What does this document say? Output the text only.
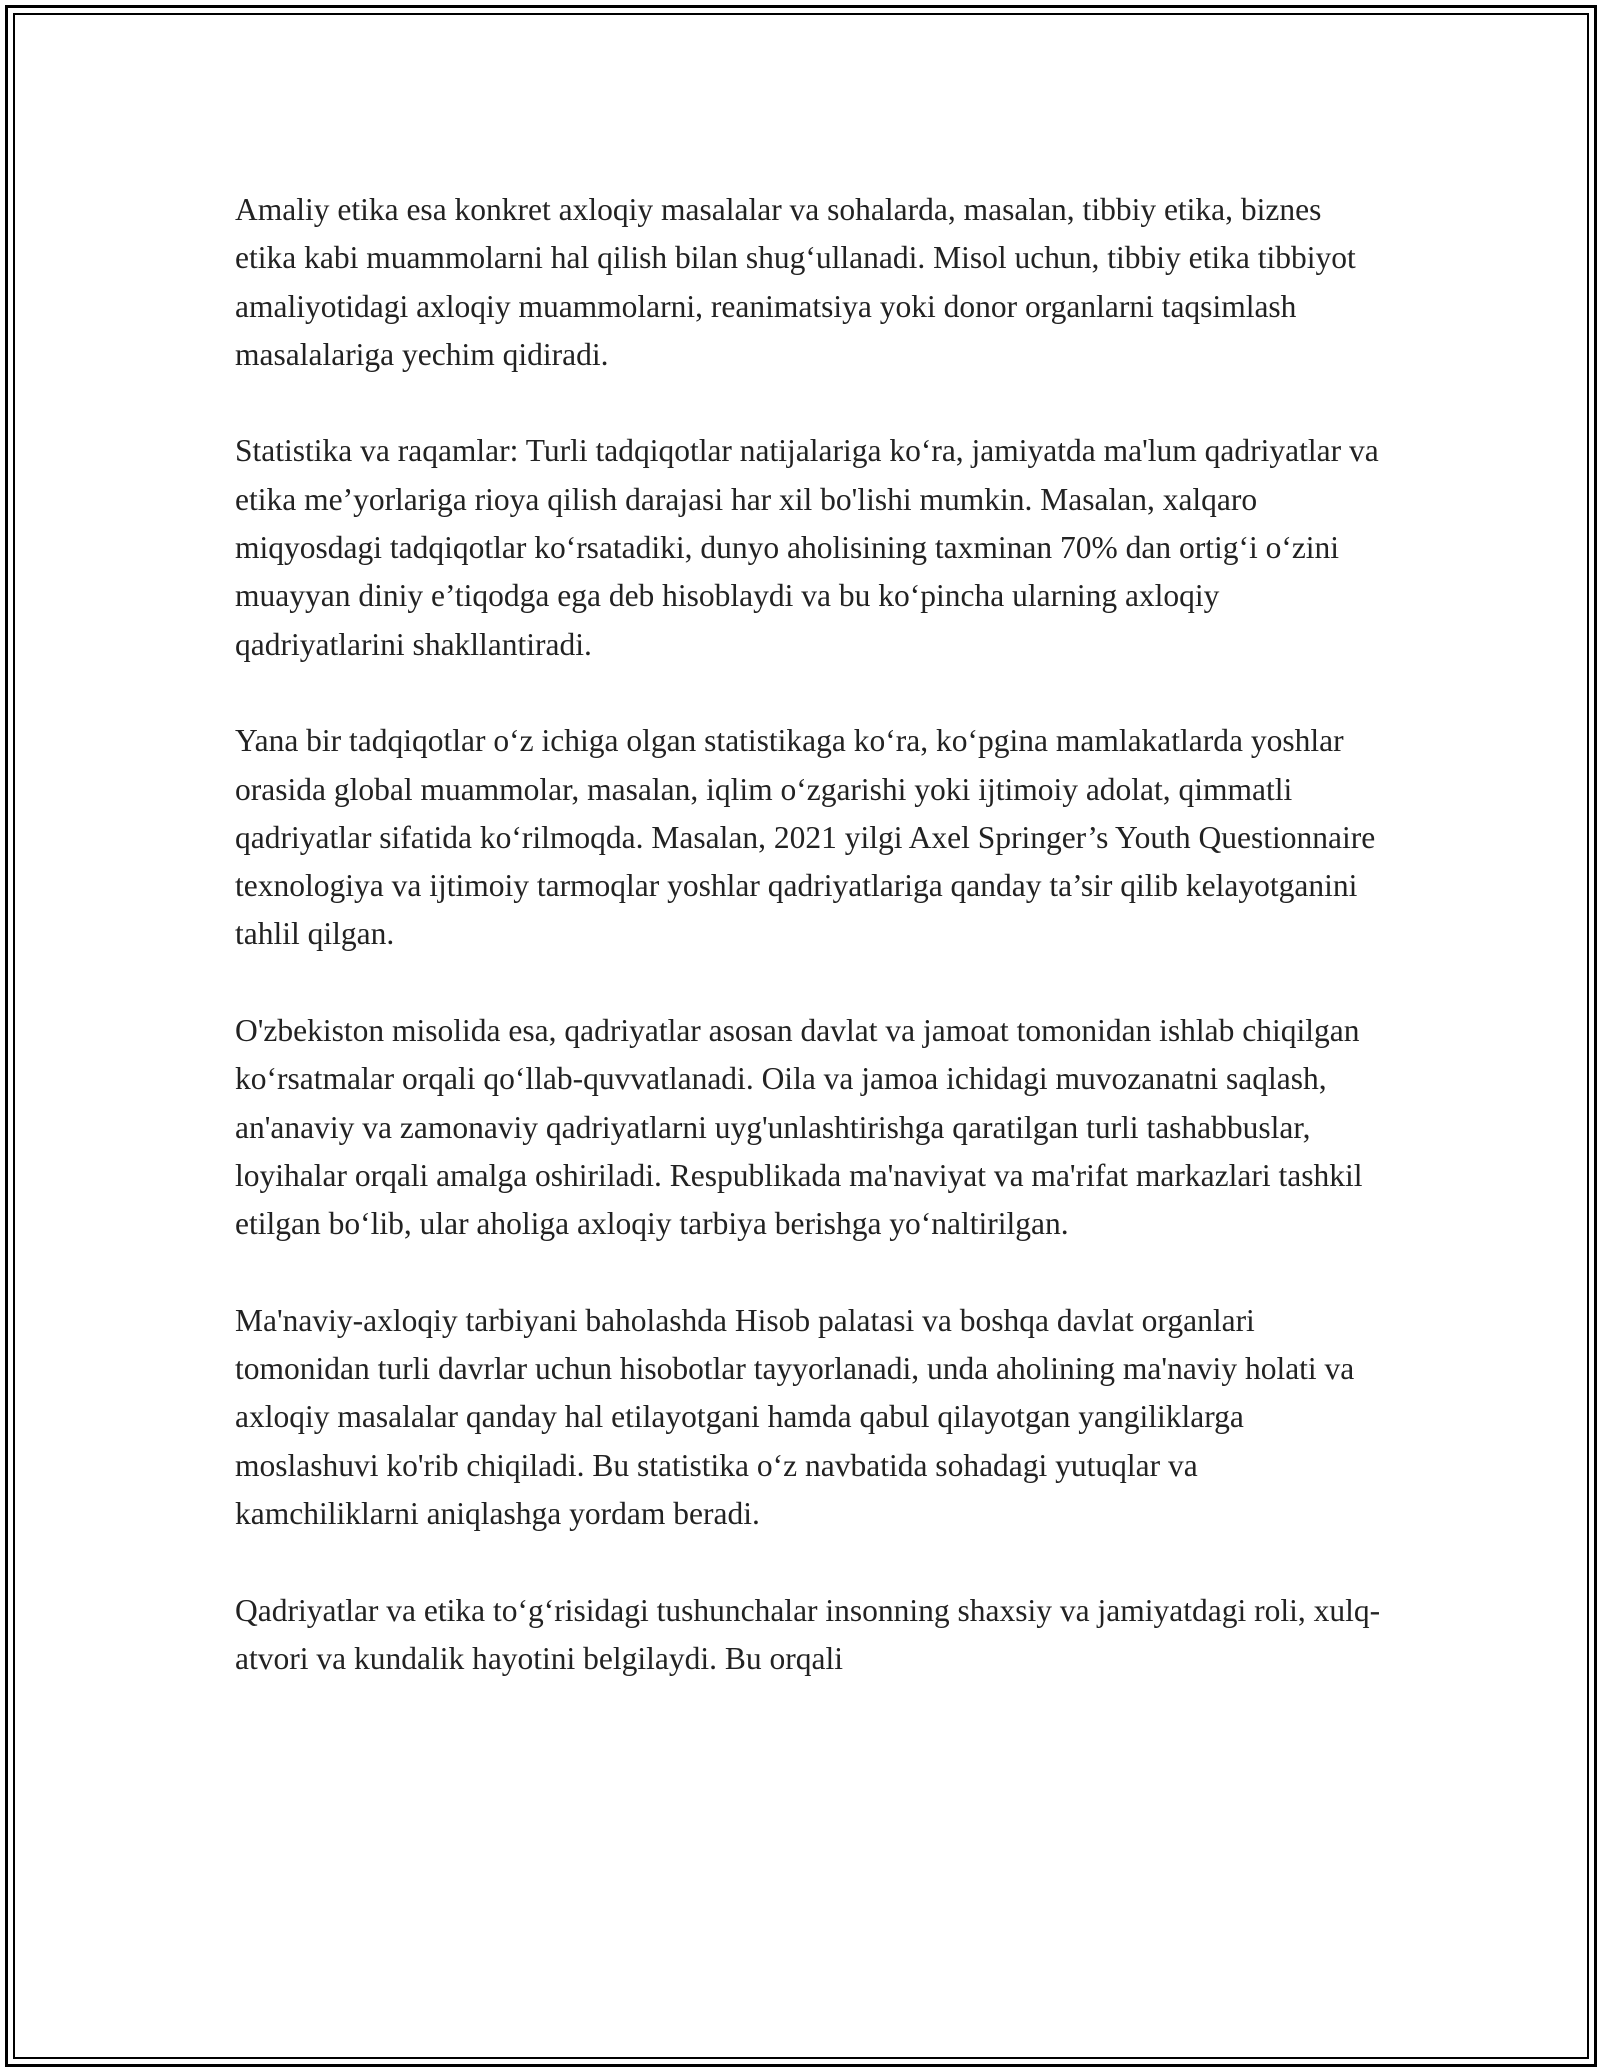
Amaliy etika esa konkret axloqiy masalalar va sohalarda, masalan, tibbiy etika, biznes etika kabi muammolarni hal qilish bilan shug‘ullanadi. Misol uchun, tibbiy etika tibbiyot amaliyotidagi axloqiy muammolarni, reanimatsiya yoki donor organlarni taqsimlash masalalariga yechim qidiradi.

Statistika va raqamlar: Turli tadqiqotlar natijalariga ko‘ra, jamiyatda ma'lum qadriyatlar va etika me’yorlariga rioya qilish darajasi har xil bo'lishi mumkin. Masalan, xalqaro miqyosdagi tadqiqotlar ko‘rsatadiki, dunyo aholisining taxminan 70% dan ortig‘i o‘zini muayyan diniy e’tiqodga ega deb hisoblaydi va bu ko‘pincha ularning axloqiy qadriyatlarini shakllantiradi.

Yana bir tadqiqotlar o‘z ichiga olgan statistikaga ko‘ra, ko‘pgina mamlakatlarda yoshlar orasida global muammolar, masalan, iqlim o‘zgarishi yoki ijtimoiy adolat, qimmatli qadriyatlar sifatida ko‘rilmoqda. Masalan, 2021 yilgi Axel Springer’s Youth Questionnaire texnologiya va ijtimoiy tarmoqlar yoshlar qadriyatlariga qanday ta’sir qilib kelayotganini tahlil qilgan.

O'zbekiston misolida esa, qadriyatlar asosan davlat va jamoat tomonidan ishlab chiqilgan ko‘rsatmalar orqali qo‘llab-quvvatlanadi. Oila va jamoa ichidagi muvozanatni saqlash, an'anaviy va zamonaviy qadriyatlarni uyg'unlashtirishga qaratilgan turli tashabbuslar, loyihalar orqali amalga oshiriladi. Respublikada ma'naviyat va ma'rifat markazlari tashkil etilgan bo‘lib, ular aholiga axloqiy tarbiya berishga yo‘naltirilgan.

Ma'naviy-axloqiy tarbiyani baholashda Hisob palatasi va boshqa davlat organlari tomonidan turli davrlar uchun hisobotlar tayyorlanadi, unda aholining ma'naviy holati va axloqiy masalalar qanday hal etilayotgani hamda qabul qilayotgan yangiliklarga moslashuvi ko'rib chiqiladi. Bu statistika o‘z navbatida sohadagi yutuqlar va kamchiliklarni aniqlashga yordam beradi.

Qadriyatlar va etika to‘g‘risidagi tushunchalar insonning shaxsiy va jamiyatdagi roli, xulq-atvori va kundalik hayotini belgilaydi. Bu orqali
